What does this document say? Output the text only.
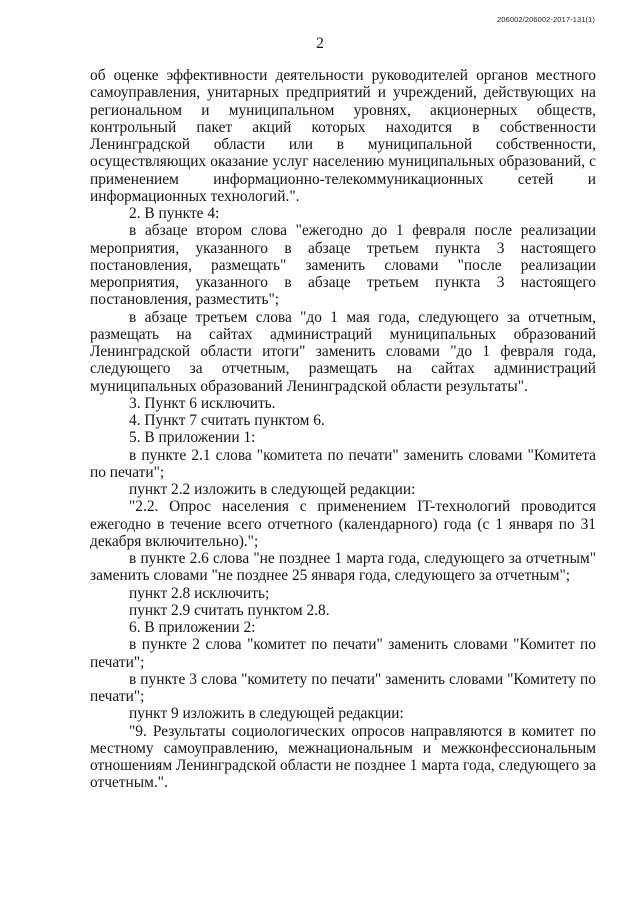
206002/206002-2017-131(1)
2

об оценке эффективности деятельности руководителей органов местного самоуправления, унитарных предприятий и учреждений, действующих на региональном и муниципальном уровнях, акционерных обществ, контрольный пакет акций которых находится в собственности Ленинградской области или в муниципальной собственности, осуществляющих оказание услуг населению муниципальных образований, с применением информационно-телекоммуникационных сетей и информационных технологий.".

2. В пункте 4:

в абзаце втором слова "ежегодно до 1 февраля после реализации мероприятия, указанного в абзаце третьем пункта 3 настоящего постановления, размещать" заменить словами "после реализации мероприятия, указанного в абзаце третьем пункта 3 настоящего постановления, разместить";

в абзаце третьем слова "до 1 мая года, следующего за отчетным, размещать на сайтах администраций муниципальных образований Ленинградской области итоги" заменить словами "до 1 февраля года, следующего за отчетным, размещать на сайтах администраций муниципальных образований Ленинградской области результаты".

3. Пункт 6 исключить.

4. Пункт 7 считать пунктом 6.

5. В приложении 1:

в пункте 2.1 слова "комитета по печати" заменить словами "Комитета по печати";

пункт 2.2 изложить в следующей редакции:

"2.2. Опрос населения с применением IT-технологий проводится ежегодно в течение всего отчетного (календарного) года (с 1 января по 31 декабря включительно).";

в пункте 2.6 слова "не позднее 1 марта года, следующего за отчетным" заменить словами "не позднее 25 января года, следующего за отчетным";

пункт 2.8 исключить;

пункт 2.9 считать пунктом 2.8.

6. В приложении 2:

в пункте 2 слова "комитет по печати" заменить словами "Комитет по печати";

в пункте 3 слова "комитету по печати" заменить словами "Комитету по печати";

пункт 9 изложить в следующей редакции:

"9. Результаты социологических опросов направляются в комитет по местному самоуправлению, межнациональным и межконфессиональным отношениям Ленинградской области не позднее 1 марта года, следующего за отчетным.".
